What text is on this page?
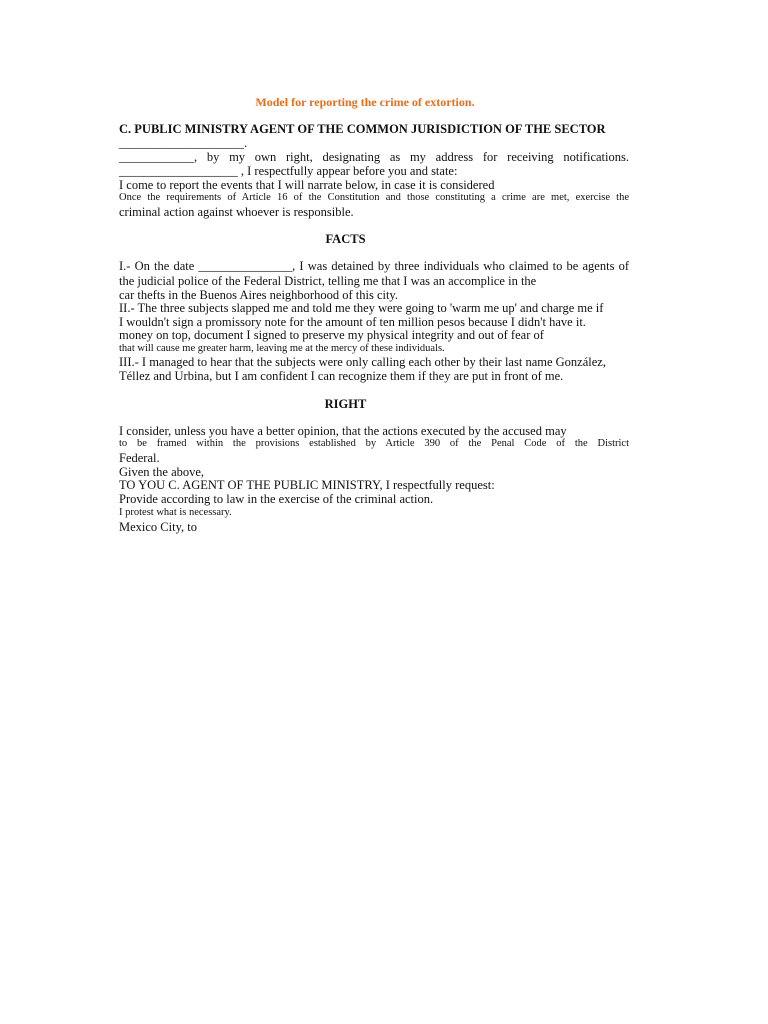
Model for reporting the crime of extortion.
C. PUBLIC MINISTRY AGENT OF THE COMMON JURISDICTION OF THE SECTOR
____________________.
____________, by my own right, designating as my address for receiving notifications.
___________________ , I respectfully appear before you and state:
I come to report the events that I will narrate below, in case it is considered
Once the requirements of Article 16 of the Constitution and those constituting a crime are met, exercise the
criminal action against whoever is responsible.
FACTS
I.- On the date _______________, I was detained by three individuals who claimed to be agents of
the judicial police of the Federal District, telling me that I was an accomplice in the
car thefts in the Buenos Aires neighborhood of this city.
II.- The three subjects slapped me and told me they were going to 'warm me up' and charge me if
I wouldn't sign a promissory note for the amount of ten million pesos because I didn't have it.
money on top, document I signed to preserve my physical integrity and out of fear of
that will cause me greater harm, leaving me at the mercy of these individuals.
III.- I managed to hear that the subjects were only calling each other by their last name González,
Téllez and Urbina, but I am confident I can recognize them if they are put in front of me.
RIGHT
I consider, unless you have a better opinion, that the actions executed by the accused may
to be framed within the provisions established by Article 390 of the Penal Code of the District
Federal.
Given the above,
TO YOU C. AGENT OF THE PUBLIC MINISTRY, I respectfully request:
Provide according to law in the exercise of the criminal action.
I protest what is necessary.
Mexico City, to
